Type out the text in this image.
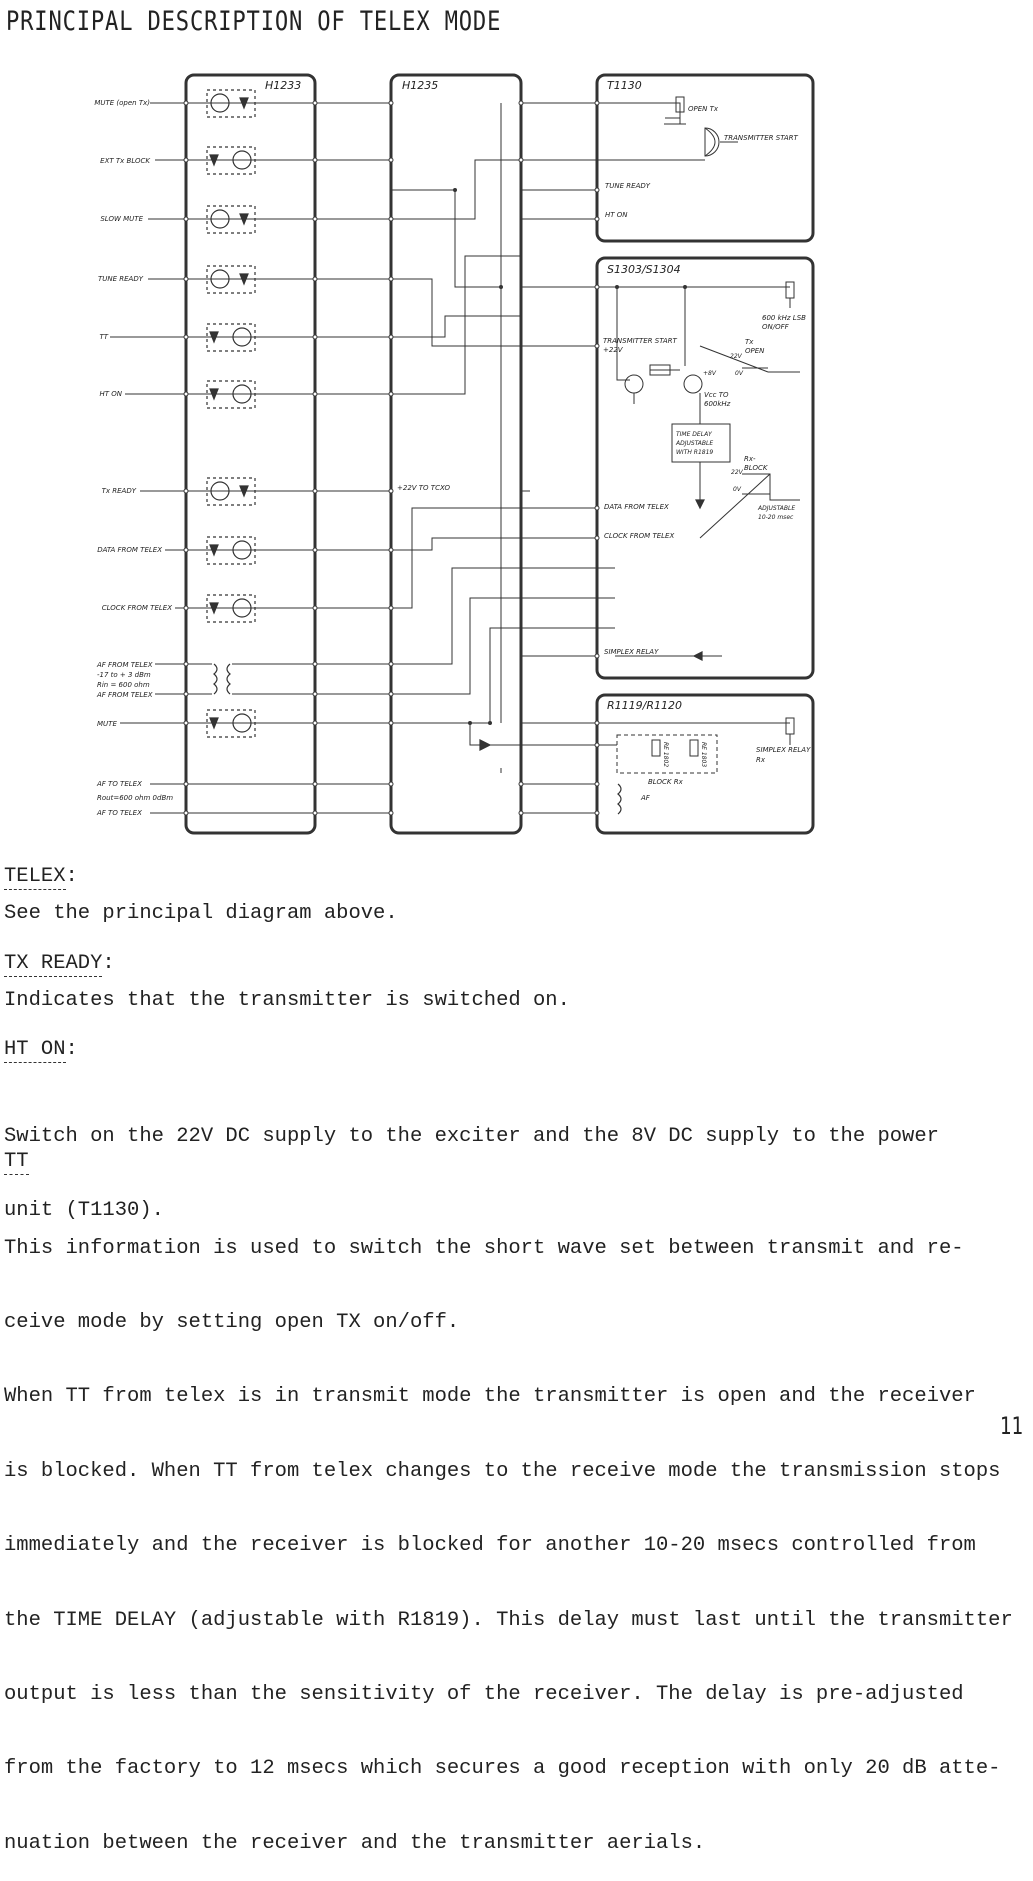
PRINCIPAL DESCRIPTION OF TELEX MODE
H1233	H1235	T1130
S1303/S1304
R1119/R1120
MUTE (open Tx)
EXT Tx BLOCK
SLOW MUTE
TUNE READY
TT
HT ON
Tx READY
DATA FROM TELEX
CLOCK FROM TELEX
AF FROM TELEX
-17 to + 3 dBm
Rin = 600 ohm
AF FROM TELEX
MUTE
AF TO TELEX
Rout=600 ohm 0dBm
AF TO TELEX
OPEN Tx
TRANSMITTER START
TUNE READY
HT ON
+22V TO TCXO
600 kHz LSB
ON/OFF
TRANSMITTER START
+22V
Tx
OPEN
22V
0V
+8V
Vcc TO
600kHz
TIME DELAY
ADJUSTABLE
WITH R1819
Rx-
BLOCK
22V
0V
ADJUSTABLE
10-20 msec
DATA FROM TELEX
CLOCK FROM TELEX
SIMPLEX RELAY
RE 1802	RE 1803	SIMPLEX RELAY
Rx
BLOCK Rx
AF
TELEX:
See the principal diagram above.
TX READY:
Indicates that the transmitter is switched on.
HT ON:

Switch on the 22V DC supply to the exciter and the 8V DC supply to the power

unit (T1130).

TT

This information is used to switch the short wave set between transmit and re-

ceive mode by setting open TX on/off.

When TT from telex is in transmit mode the transmitter is open and the receiver

is blocked. When TT from telex changes to the receive mode the transmission stops

immediately and the receiver is blocked for another 10-20 msecs controlled from

the TIME DELAY (adjustable with R1819). This delay must last until the transmitter

output is less than the sensitivity of the receiver. The delay is pre-adjusted

from the factory to 12 msecs which secures a good reception with only 20 dB atte-

nuation between the receiver and the transmitter aerials.

11
